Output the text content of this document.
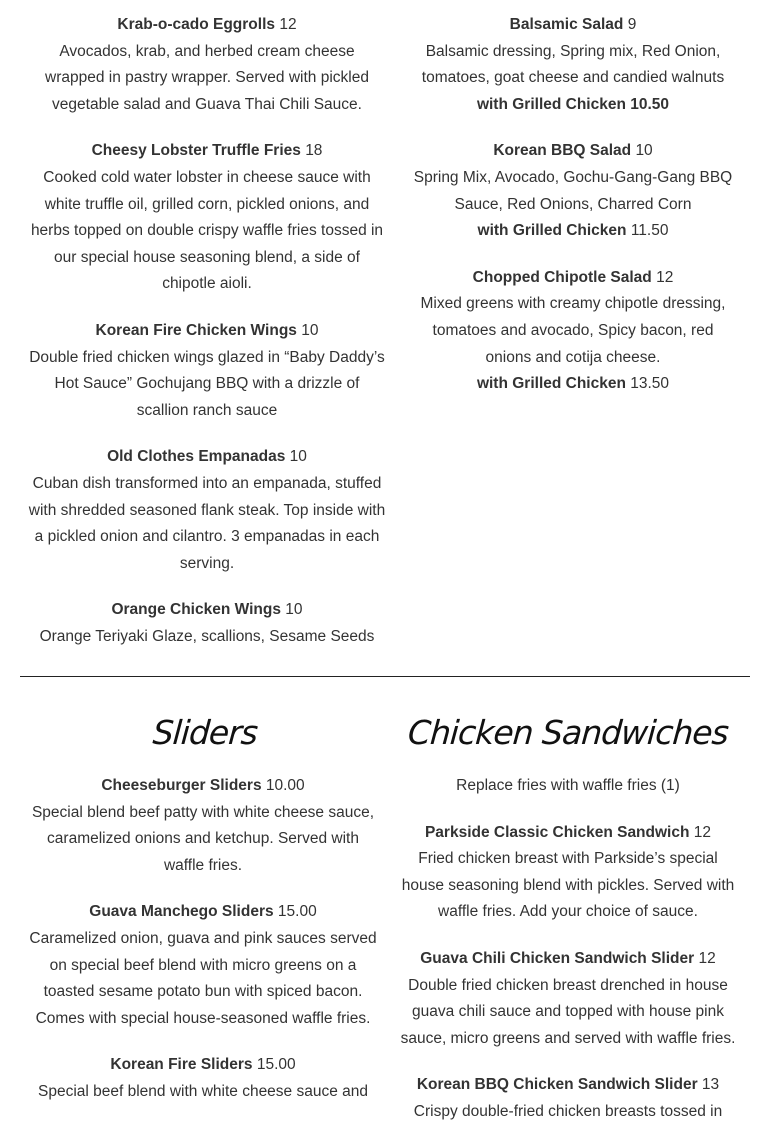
Krab-o-cado Eggrolls 12

Avocados, krab, and herbed cream cheese wrapped in pastry wrapper. Served with pickled vegetable salad and Guava Thai Chili Sauce.

Cheesy Lobster Truffle Fries 18

Cooked cold water lobster in cheese sauce with white truffle oil, grilled corn, pickled onions, and herbs topped on double crispy waffle fries tossed in our special house seasoning blend, a side of chipotle aioli.

Korean Fire Chicken Wings 10

Double fried chicken wings glazed in “Baby Daddy’s Hot Sauce” Gochujang BBQ with a drizzle of scallion ranch sauce

Old Clothes Empanadas 10

Cuban dish transformed into an empanada, stuffed with shredded seasoned flank steak. Top inside with a pickled onion and cilantro. 3 empanadas in each serving.

Orange Chicken Wings 10

Orange Teriyaki Glaze, scallions, Sesame Seeds

Balsamic Salad 9

Balsamic dressing, Spring mix, Red Onion, tomatoes, goat cheese and candied walnuts

with Grilled Chicken 10.50

Korean BBQ Salad 10

Spring Mix, Avocado, Gochu-Gang-Gang BBQ Sauce, Red Onions, Charred Corn

with Grilled Chicken 11.50

Chopped Chipotle Salad 12

Mixed greens with creamy chipotle dressing, tomatoes and avocado, Spicy bacon, red onions and cotija cheese.

with Grilled Chicken 13.50

Sliders	Chicken Sandwiches

Cheeseburger Sliders 10.00

Special blend beef patty with white cheese sauce, caramelized onions and ketchup. Served with waffle fries.

Guava Manchego Sliders 15.00

Caramelized onion, guava and pink sauces served on special beef blend with micro greens on a toasted sesame potato bun with spiced bacon. Comes with special house-seasoned waffle fries.

Korean Fire Sliders 15.00

Special beef blend with white cheese sauce and

Replace fries with waffle fries (1)

Parkside Classic Chicken Sandwich 12

Fried chicken breast with Parkside’s special house seasoning blend with pickles. Served with waffle fries. Add your choice of sauce.

Guava Chili Chicken Sandwich Slider 12

Double fried chicken breast drenched in house guava chili sauce and topped with house pink sauce, micro greens and served with waffle fries.

Korean BBQ Chicken Sandwich Slider 13

Crispy double-fried chicken breasts tossed in
